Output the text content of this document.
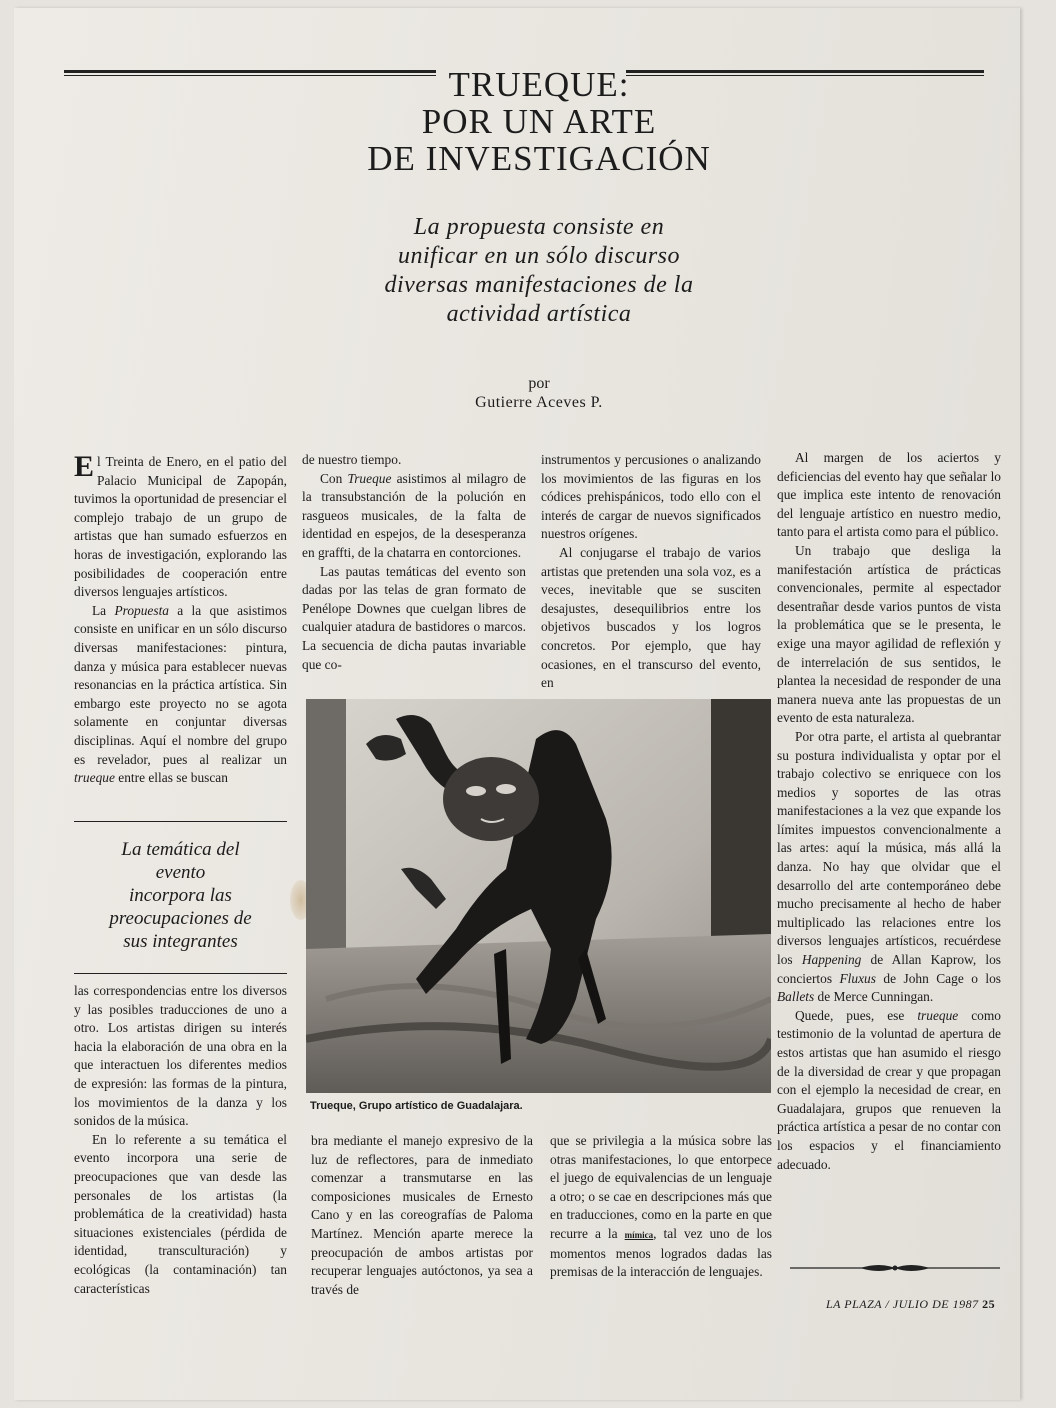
TRUEQUE:
POR UN ARTE
DE INVESTIGACIÓN
La propuesta consiste en
unificar en un sólo discurso
diversas manifestaciones de la
actividad artística
por
Gutierre Aceves P.

El Treinta de Enero, en el patio del Palacio Municipal de Zapopán, tuvimos la oportunidad de presenciar el complejo trabajo de un grupo de artistas que han sumado esfuerzos en horas de investigación, explorando las posibilidades de cooperación entre diversos lenguajes artísticos.

La Propuesta a la que asistimos consiste en unificar en un sólo discurso diversas manifestaciones: pintura, danza y música para establecer nuevas resonancias en la práctica artística. Sin embargo este proyecto no se agota solamente en conjuntar diversas disciplinas. Aquí el nombre del grupo es revelador, pues al realizar un trueque entre ellas se buscan

La temática del
evento
incorpora las
preocupaciones de
sus integrantes

las correspondencias entre los diversos y las posibles traducciones de uno a otro. Los artistas dirigen su interés hacia la elaboración de una obra en la que interactuen los diferentes medios de expresión: las formas de la pintura, los movimientos de la danza y los sonidos de la música.

En lo referente a su temática el evento incorpora una serie de preocupaciones que van desde las personales de los artistas (la problemática de la creatividad) hasta situaciones existenciales (pérdida de identidad, transculturación) y ecológicas (la contaminación) tan características

de nuestro tiempo.

Con Trueque asistimos al milagro de la transubstanción de la polución en rasgueos musicales, de la falta de identidad en espejos, de la desesperanza en graffti, de la chatarra en contorciones.

Las pautas temáticas del evento son dadas por las telas de gran formato de Penélope Downes que cuelgan libres de cualquier atadura de bastidores o marcos. La secuencia de dicha pautas invariable que co-

instrumentos y percusiones o analizando los movimientos de las figuras en los códices prehispánicos, todo ello con el interés de cargar de nuevos significados nuestros orígenes.

Al conjugarse el trabajo de varios artistas que pretenden una sola voz, es a veces, inevitable que se susciten desajustes, desequilibrios entre los objetivos buscados y los logros concretos. Por ejemplo, que hay ocasiones, en el transcurso del evento, en

Trueque, Grupo artístico de Guadalajara.

bra mediante el manejo expresivo de la luz de reflectores, para de inmediato comenzar a transmutarse en las composiciones musicales de Ernesto Cano y en las coreografías de Paloma Martínez. Mención aparte merece la preocupación de ambos artistas por recuperar lenguajes autóctonos, ya sea a través de

que se privilegia a la música sobre las otras manifestaciones, lo que entorpece el juego de equivalencias de un lenguaje a otro; o se cae en descripciones más que en traducciones, como en la parte en que recurre a la mímica, tal vez uno de los momentos menos logrados dadas las premisas de la interacción de lenguajes.

Al margen de los aciertos y deficiencias del evento hay que señalar lo que implica este intento de renovación del lenguaje artístico en nuestro medio, tanto para el artista como para el público.

Un trabajo que desliga la manifestación artística de prácticas convencionales, permite al espectador desentrañar desde varios puntos de vista la problemática que se le presenta, le exige una mayor agilidad de reflexión y de interrelación de sus sentidos, le plantea la necesidad de responder de una manera nueva ante las propuestas de un evento de esta naturaleza.

Por otra parte, el artista al quebrantar su postura individualista y optar por el trabajo colectivo se enriquece con los medios y soportes de las otras manifestaciones a la vez que expande los límites impuestos convencionalmente a las artes: aquí la música, más allá la danza. No hay que olvidar que el desarrollo del arte contemporáneo debe mucho precisamente al hecho de haber multiplicado las relaciones entre los diversos lenguajes artísticos, recuérdese los Happening de Allan Kaprow, los conciertos Fluxus de John Cage o los Ballets de Merce Cunningan.

Quede, pues, ese trueque como testimonio de la voluntad de apertura de estos artistas que han asumido el riesgo de la diversidad de crear y que propagan con el ejemplo la necesidad de crear, en Guadalajara, grupos que renueven la práctica artística a pesar de no contar con los espacios y el financiamiento adecuado.

LA PLAZA / JULIO DE 1987 25
